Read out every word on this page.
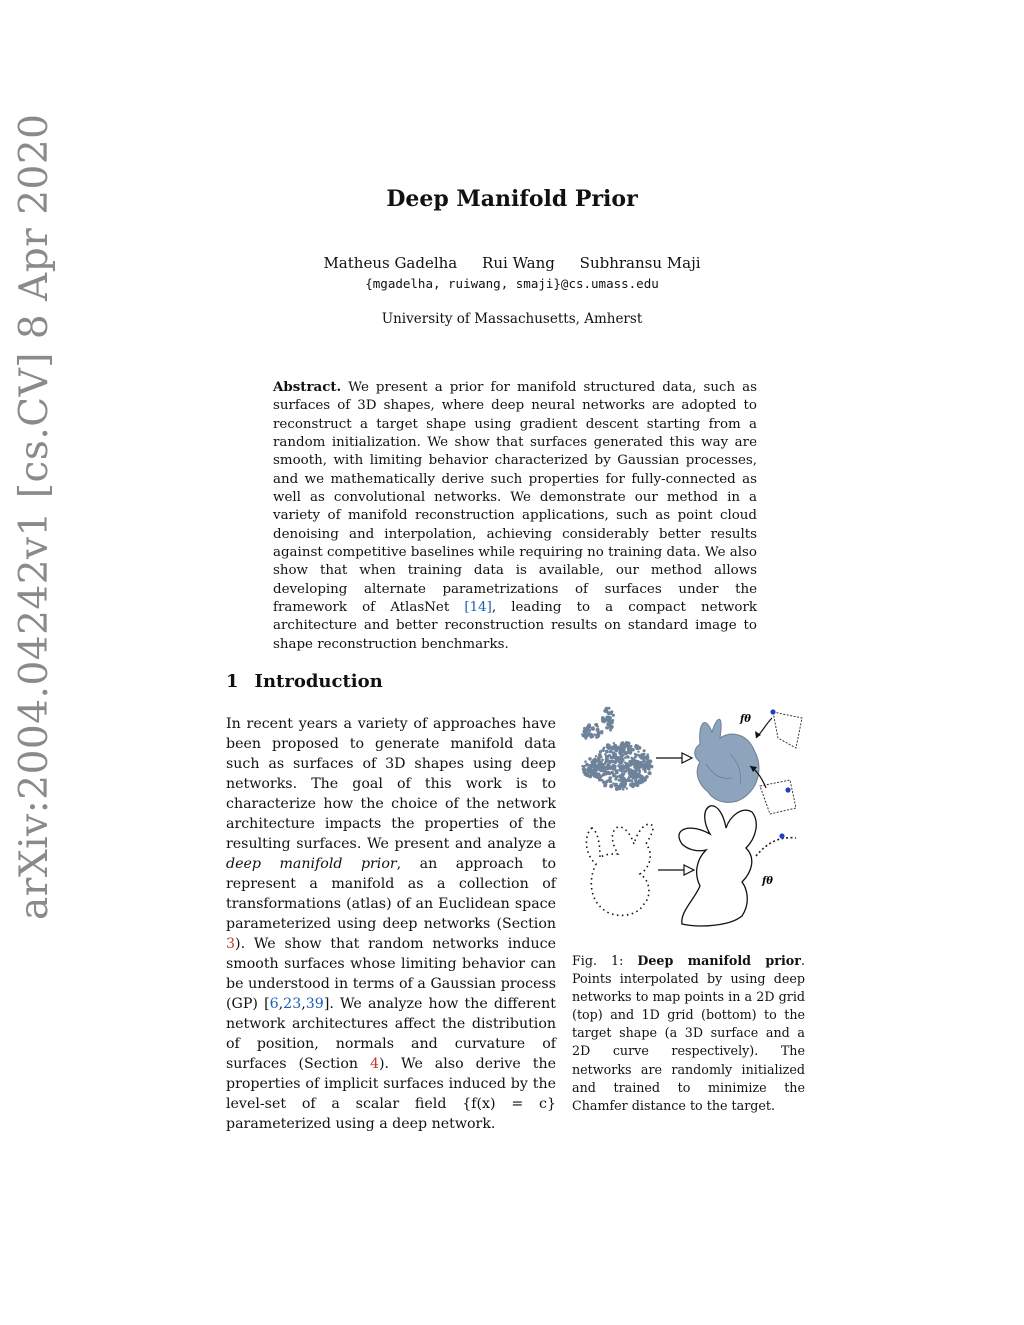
arXiv:2004.04242v1 [cs.CV] 8 Apr 2020	Deep Manifold Prior
Matheus Gadelha Rui Wang Subhransu Maji
{mgadelha, ruiwang, smaji}@cs.umass.edu
University of Massachusetts, Amherst
Abstract. We present a prior for manifold structured data, such as surfaces of 3D shapes, where deep neural networks are adopted to reconstruct a target shape using gradient descent starting from a random initialization. We show that surfaces generated this way are smooth, with limiting behavior characterized by Gaussian processes, and we mathematically derive such properties for fully-connected as well as convolutional networks. We demonstrate our method in a variety of manifold reconstruction applications, such as point cloud denoising and interpolation, achieving considerably better results against competitive baselines while requiring no training data. We also show that when training data is available, our method allows developing alternate parametrizations of surfaces under the framework of AtlasNet [14], leading to a compact network architecture and better reconstruction results on standard image to shape reconstruction benchmarks.
1 Introduction
In recent years a variety of approaches have been proposed to generate manifold data such as surfaces of 3D shapes using deep networks. The goal of this work is to characterize how the choice of the network architecture impacts the properties of the resulting surfaces. We present and analyze a deep manifold prior, an approach to represent a manifold as a collection of transformations (atlas) of an Euclidean space parameterized using deep networks (Section 3). We show that random networks induce smooth surfaces whose limiting behavior can be understood in terms of a Gaussian process (GP) [6,23,39]. We analyze how the different network architectures affect the distribution of position, normals and curvature of surfaces (Section 4). We also derive the properties of implicit surfaces induced by the level-set of a scalar field {f(x) = c} parameterized using a deep network.
fθ
fθ
Fig. 1: Deep manifold prior. Points interpolated by using deep networks to map points in a 2D grid (top) and 1D grid (bottom) to the target shape (a 3D surface and a 2D curve respectively). The networks are randomly initialized and trained to minimize the Chamfer distance to the target.
